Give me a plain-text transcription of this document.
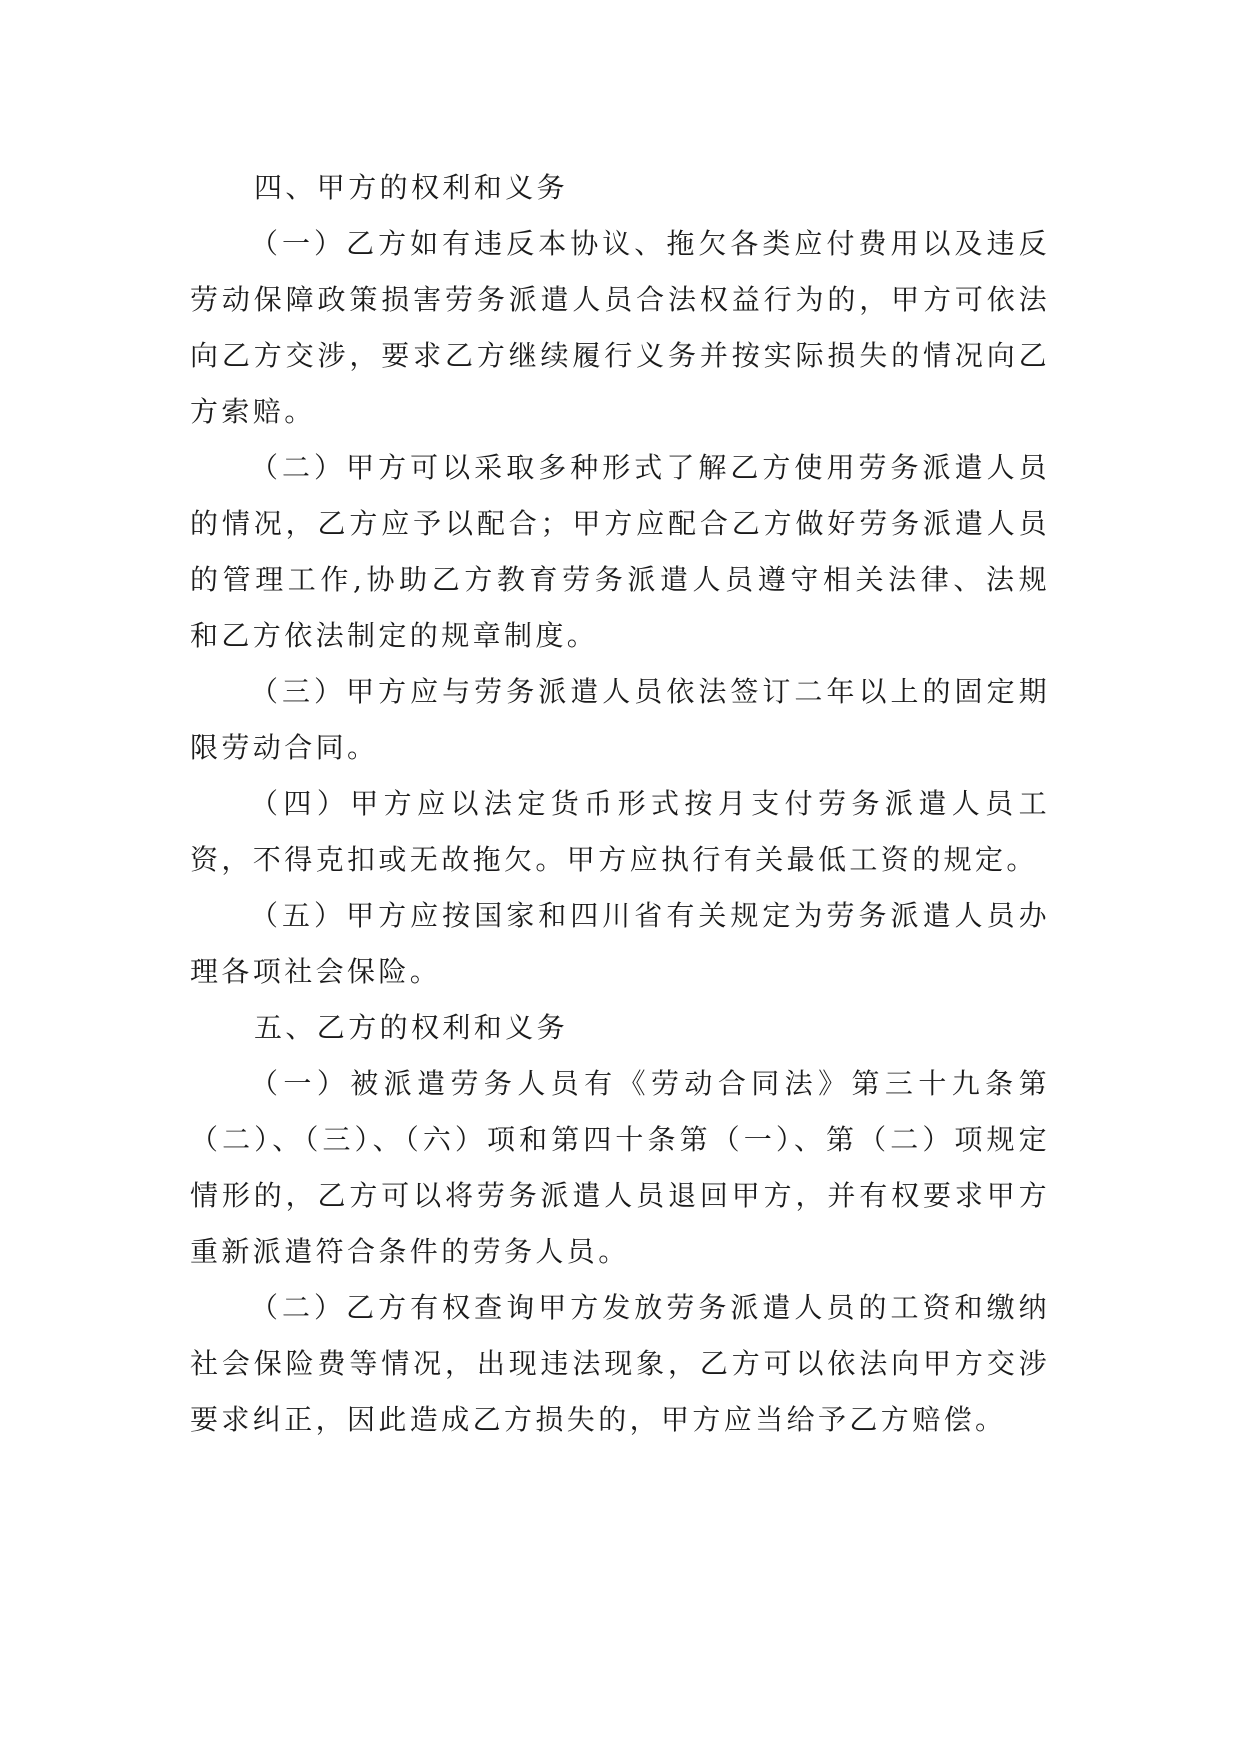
四、甲方的权利和义务

（一）乙方如有违反本协议、拖欠各类应付费用以及违反劳动保障政策损害劳务派遣人员合法权益行为的，甲方可依法向乙方交涉，要求乙方继续履行义务并按实际损失的情况向乙方索赔。

（二）甲方可以采取多种形式了解乙方使用劳务派遣人员的情况，乙方应予以配合；甲方应配合乙方做好劳务派遣人员的管理工作,协助乙方教育劳务派遣人员遵守相关法律、法规和乙方依法制定的规章制度。

（三）甲方应与劳务派遣人员依法签订二年以上的固定期限劳动合同。

（四）甲方应以法定货币形式按月支付劳务派遣人员工资，不得克扣或无故拖欠。甲方应执行有关最低工资的规定。

（五）甲方应按国家和四川省有关规定为劳务派遣人员办理各项社会保险。

五、乙方的权利和义务

（一）被派遣劳务人员有《劳动合同法》第三十九条第（二）、（三）、（六）项和第四十条第（一）、第（二）项规定情形的，乙方可以将劳务派遣人员退回甲方，并有权要求甲方重新派遣符合条件的劳务人员。

（二）乙方有权查询甲方发放劳务派遣人员的工资和缴纳社会保险费等情况，出现违法现象，乙方可以依法向甲方交涉要求纠正，因此造成乙方损失的，甲方应当给予乙方赔偿。
